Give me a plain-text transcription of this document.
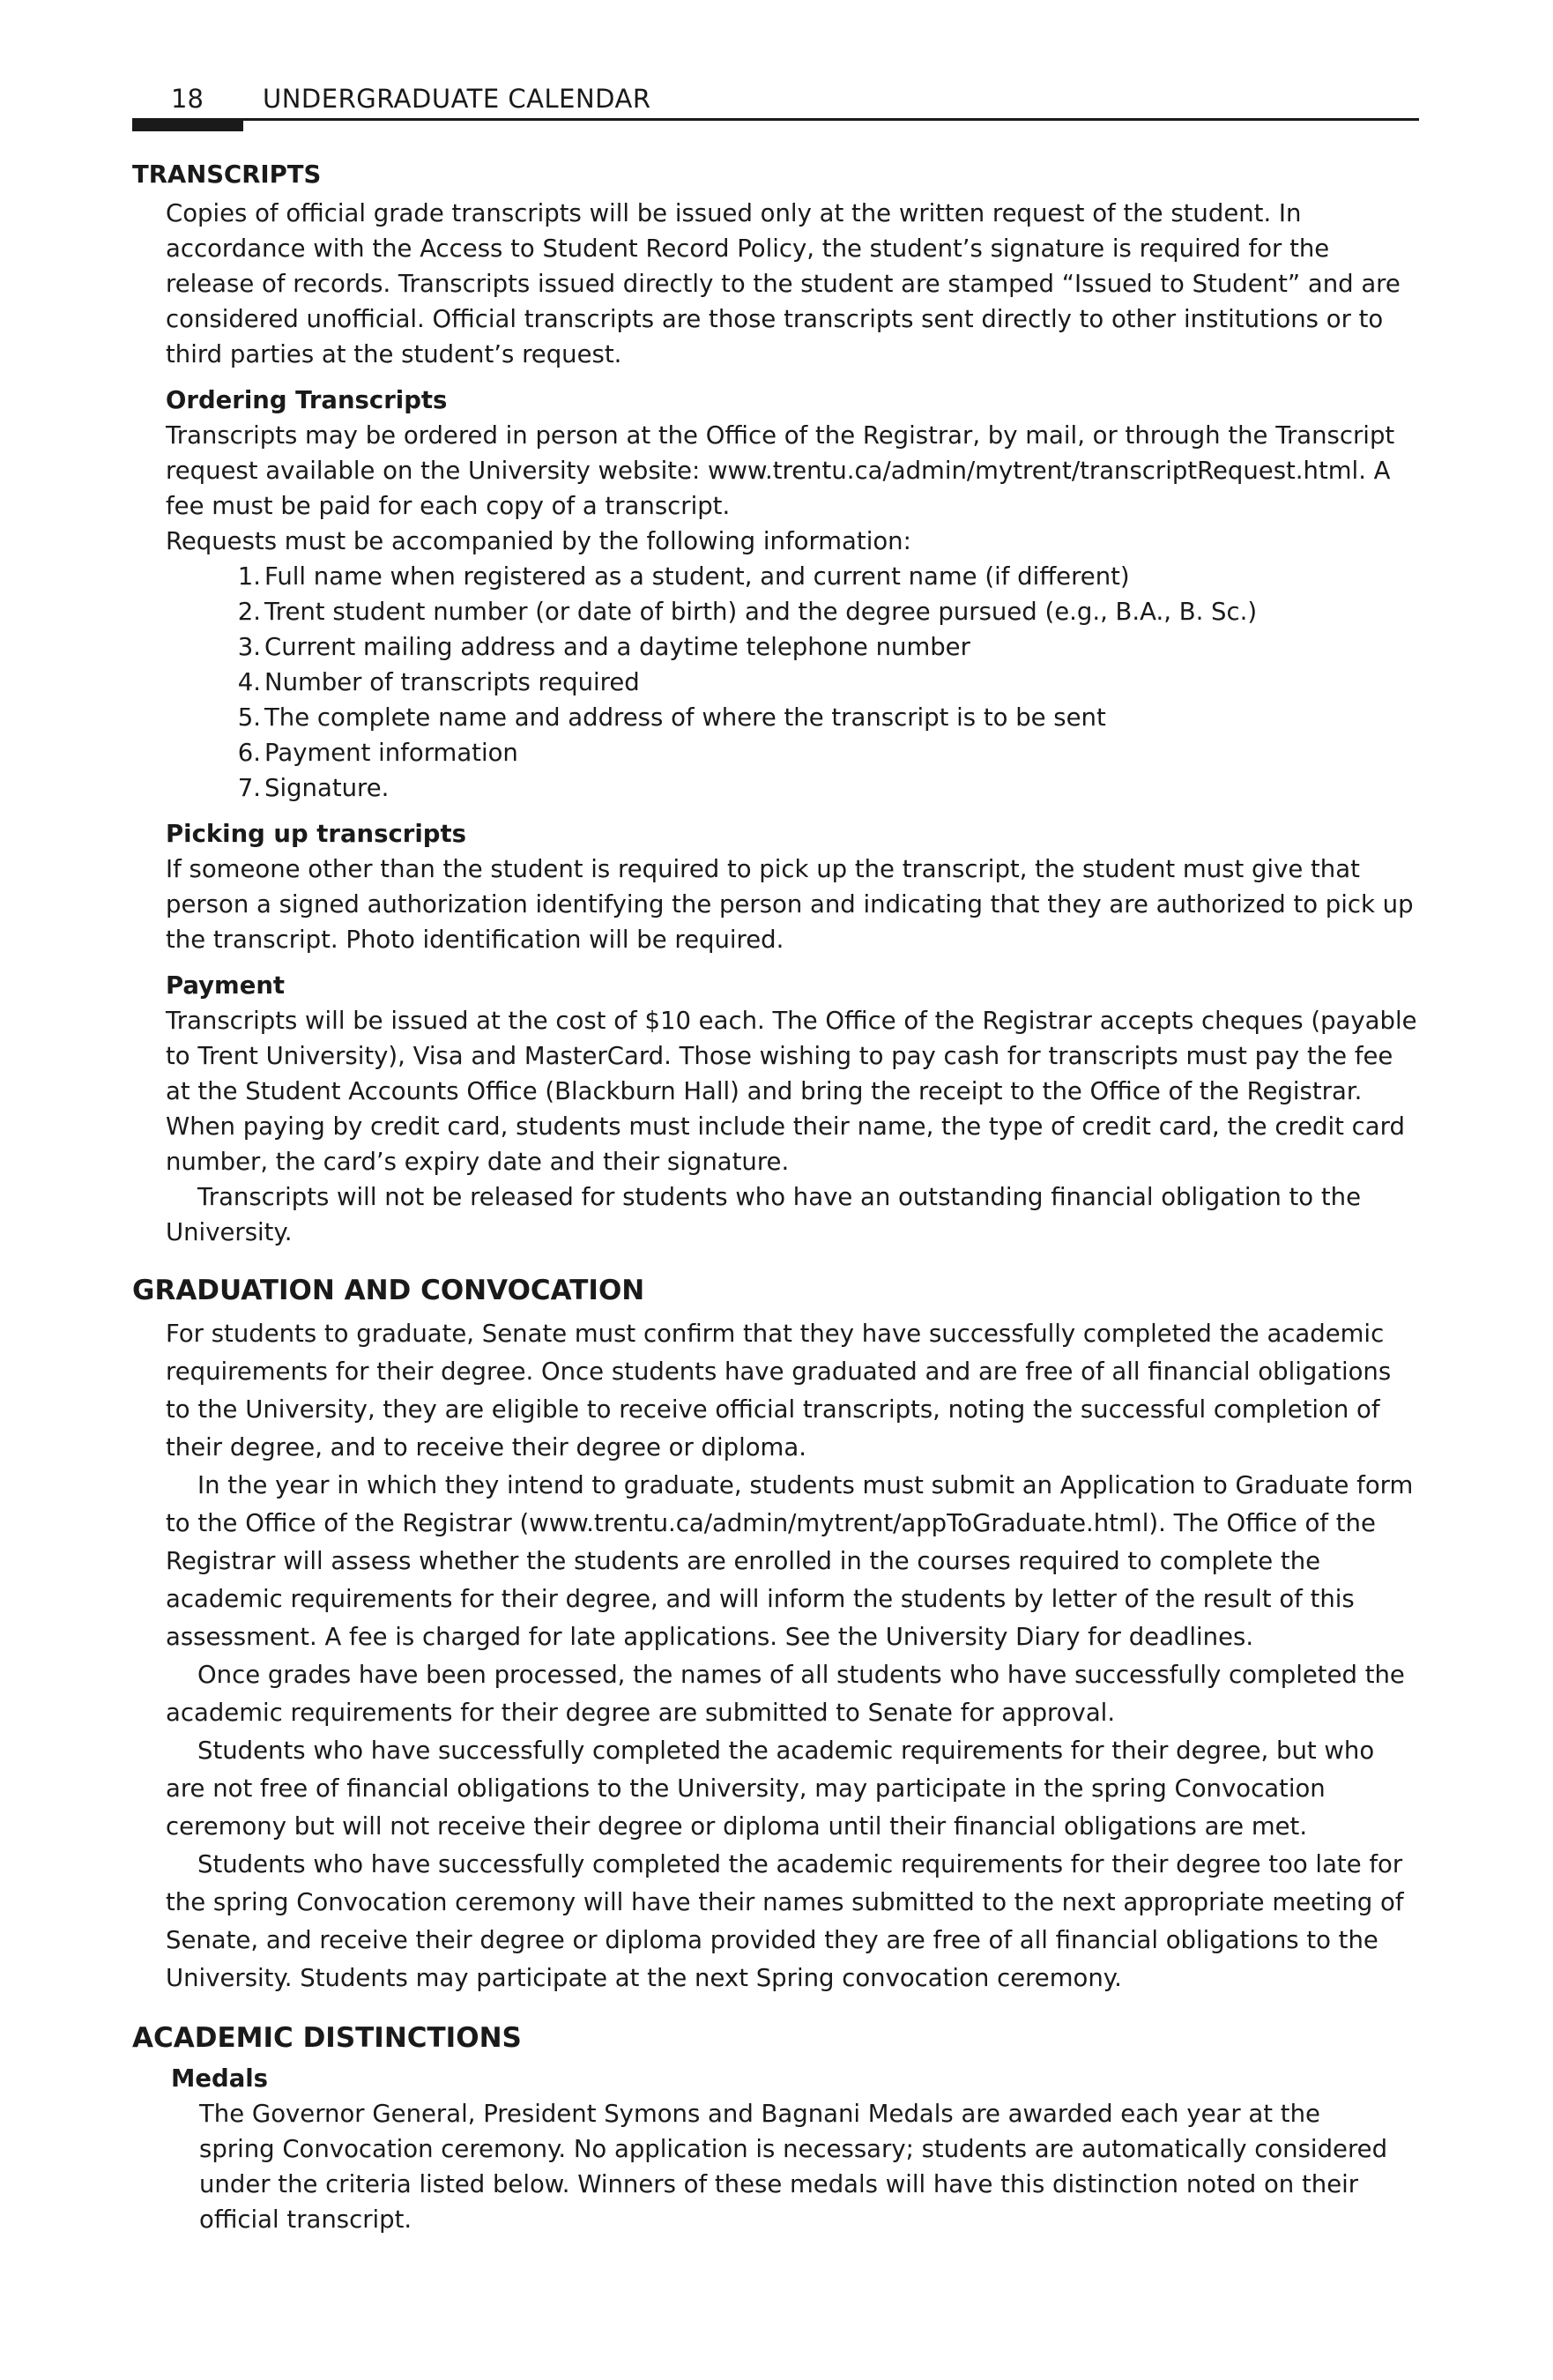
18 UNDERGRADUATE CALENDAR
TRANSCRIPTS

Copies of official grade transcripts will be issued only at the written request of the student. In accordance with the Access to Student Record Policy, the student’s signature is required for the release of records. Transcripts issued directly to the student are stamped “Issued to Student” and are considered unofficial. Official transcripts are those transcripts sent directly to other institutions or to third parties at the student’s request.

Ordering Transcripts

Transcripts may be ordered in person at the Office of the Registrar, by mail, or through the Transcript request available on the University website: www.trentu.ca/admin/mytrent/transcriptRequest.html. A fee must be paid for each copy of a transcript.

Requests must be accompanied by the following information:

1. Full name when registered as a student, and current name (if different)
2. Trent student number (or date of birth) and the degree pursued (e.g., B.A., B. Sc.)
3. Current mailing address and a daytime telephone number
4. Number of transcripts required
5. The complete name and address of where the transcript is to be sent
6. Payment information
7. Signature.
Picking up transcripts

If someone other than the student is required to pick up the transcript, the student must give that person a signed authorization identifying the person and indicating that they are authorized to pick up the transcript. Photo identification will be required.

Payment

Transcripts will be issued at the cost of $10 each. The Office of the Registrar accepts cheques (payable to Trent University), Visa and MasterCard. Those wishing to pay cash for transcripts must pay the fee at the Student Accounts Office (Blackburn Hall) and bring the receipt to the Office of the Registrar. When paying by credit card, students must include their name, the type of credit card, the credit card number, the card’s expiry date and their signature.

Transcripts will not be released for students who have an outstanding financial obligation to the University.

GRADUATION AND CONVOCATION

For students to graduate, Senate must confirm that they have successfully completed the academic requirements for their degree. Once students have graduated and are free of all financial obligations to the University, they are eligible to receive official transcripts, noting the successful completion of their degree, and to receive their degree or diploma.

In the year in which they intend to graduate, students must submit an Application to Graduate form to the Office of the Registrar (www.trentu.ca/admin/mytrent/appToGraduate.html). The Office of the Registrar will assess whether the students are enrolled in the courses required to complete the academic requirements for their degree, and will inform the students by letter of the result of this assessment. A fee is charged for late applications. See the University Diary for deadlines.

Once grades have been processed, the names of all students who have successfully completed the academic requirements for their degree are submitted to Senate for approval.

Students who have successfully completed the academic requirements for their degree, but who are not free of financial obligations to the University, may participate in the spring Convocation ceremony but will not receive their degree or diploma until their financial obligations are met.

Students who have successfully completed the academic requirements for their degree too late for the spring Convocation ceremony will have their names submitted to the next appropriate meeting of Senate, and receive their degree or diploma provided they are free of all financial obligations to the University. Students may participate at the next Spring convocation ceremony.

ACADEMIC DISTINCTIONS
Medals

The Governor General, President Symons and Bagnani Medals are awarded each year at the spring Convocation ceremony. No application is necessary; students are automatically considered under the criteria listed below. Winners of these medals will have this distinction noted on their official transcript.
